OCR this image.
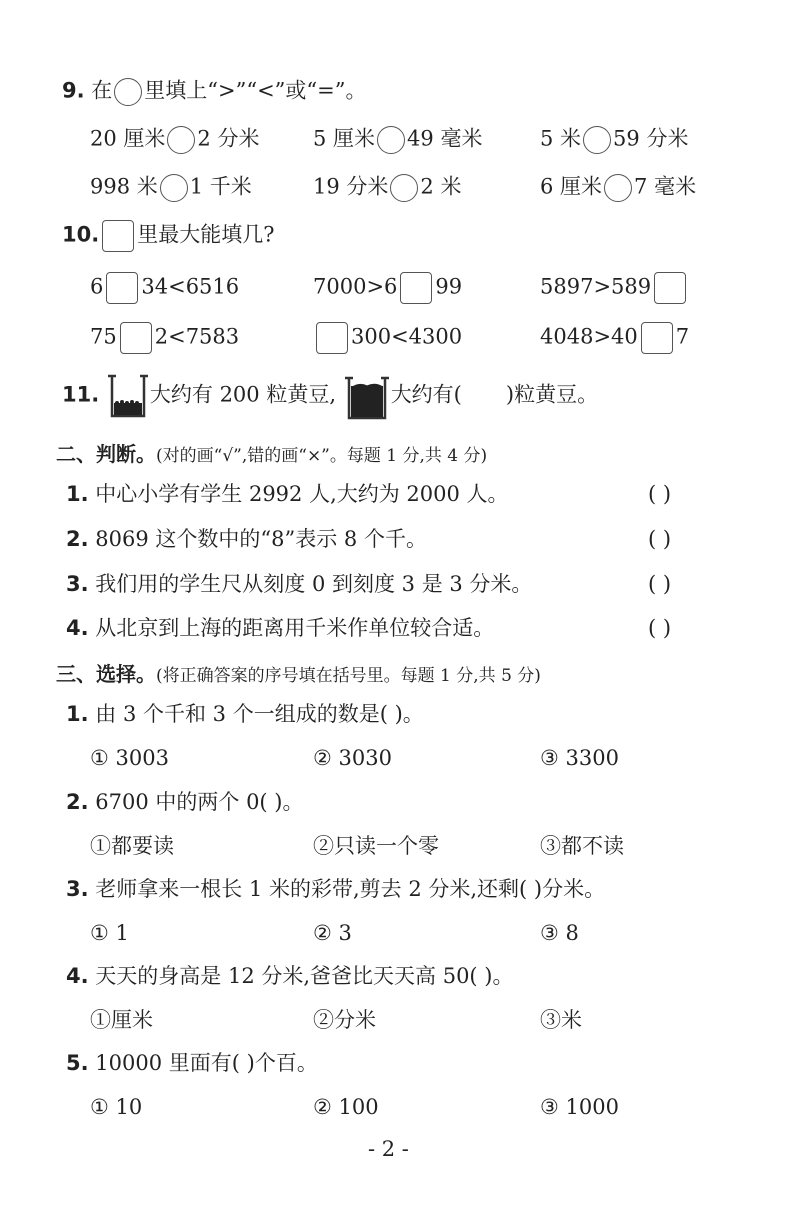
9. 在 里填上“>”“<”或“=”。
20 厘米 2 分米	5 厘米 49 毫米	5 米 59 分米
998 米 1 千米	19 分米 2 米	6 厘米 7 毫米
10. 里最大能填几?
6 34<6516	7000>6 99	5897>589
75 2<7583	300<4300	4048>40 7
11. 大约有 200 粒黄豆,	大约有( )粒黄豆。
二、判断。(对的画“√”,错的画“×”。每题 1 分,共 4 分)
1. 中心小学有学生 2992 人,大约为 2000 人。	( )
2. 8069 这个数中的“8”表示 8 个千。	( )
3. 我们用的学生尺从刻度 0 到刻度 3 是 3 分米。	( )
4. 从北京到上海的距离用千米作单位较合适。	( )
三、选择。(将正确答案的序号填在括号里。每题 1 分,共 5 分)
1. 由 3 个千和 3 个一组成的数是( )。
① 3003	② 3030	③ 3300
2. 6700 中的两个 0( )。
①都要读	②只读一个零	③都不读
3. 老师拿来一根长 1 米的彩带,剪去 2 分米,还剩( )分米。
① 1	② 3	③ 8
4. 天天的身高是 12 分米,爸爸比天天高 50( )。
①厘米	②分米	③米
5. 10000 里面有( )个百。
① 10	② 100	③ 1000
- 2 -
